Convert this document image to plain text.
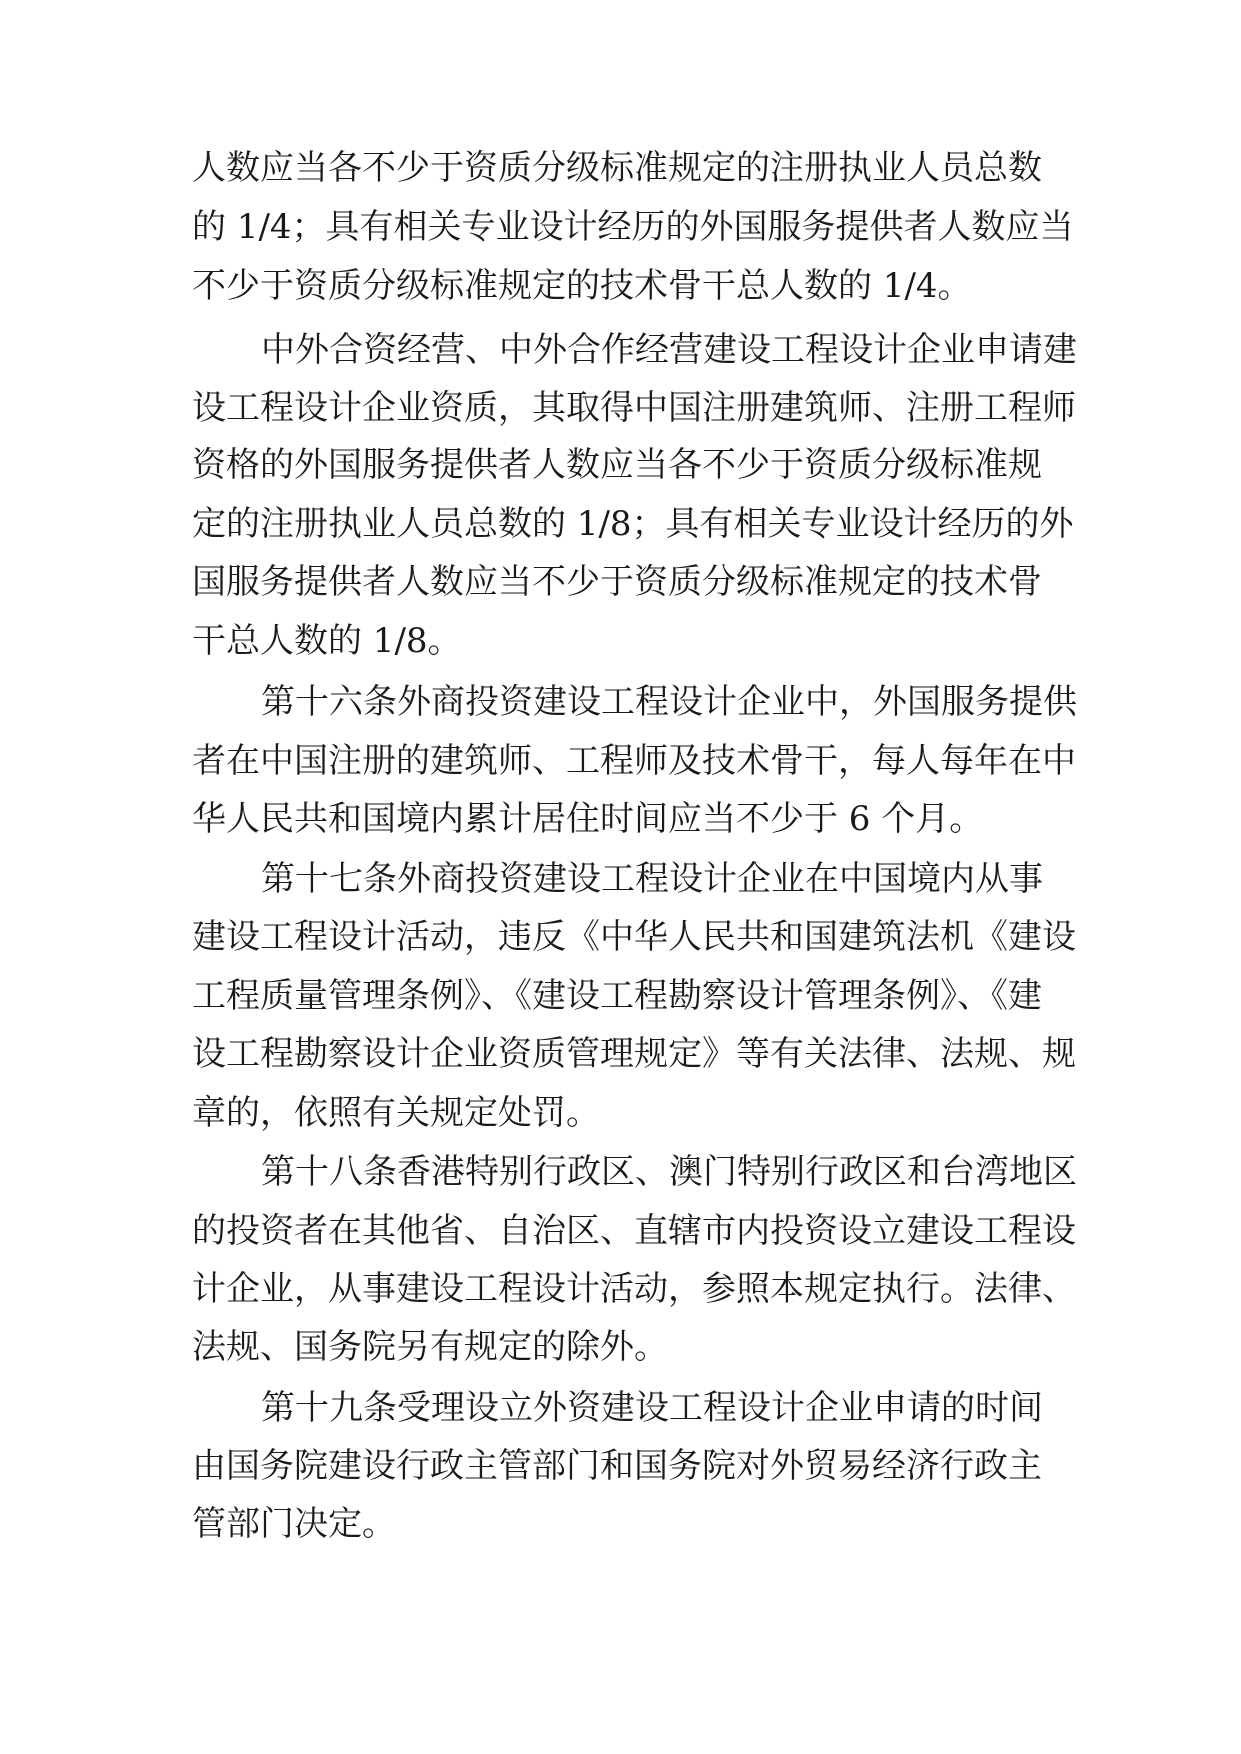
人数应当各不少于资质分级标准规定的注册执业人员总数
的 1/4；具有相关专业设计经历的外国服务提供者人数应当
不少于资质分级标准规定的技术骨干总人数的 1/4。
中外合资经营、中外合作经营建设工程设计企业申请建
设工程设计企业资质，其取得中国注册建筑师、注册工程师
资格的外国服务提供者人数应当各不少于资质分级标准规
定的注册执业人员总数的 1/8；具有相关专业设计经历的外
国服务提供者人数应当不少于资质分级标准规定的技术骨
干总人数的 1/8。
第十六条外商投资建设工程设计企业中，外国服务提供
者在中国注册的建筑师、工程师及技术骨干，每人每年在中
华人民共和国境内累计居住时间应当不少于 6 个月。
第十七条外商投资建设工程设计企业在中国境内从事
建设工程设计活动，违反《中华人民共和国建筑法机《建设
工程质量管理条例》、《建设工程勘察设计管理条例》、《建
设工程勘察设计企业资质管理规定》等有关法律、法规、规
章的，依照有关规定处罚。
第十八条香港特别行政区、澳门特别行政区和台湾地区
的投资者在其他省、自治区、直辖市内投资设立建设工程设
计企业，从事建设工程设计活动，参照本规定执行。法律、
法规、国务院另有规定的除外。
第十九条受理设立外资建设工程设计企业申请的时间
由国务院建设行政主管部门和国务院对外贸易经济行政主
管部门决定。
